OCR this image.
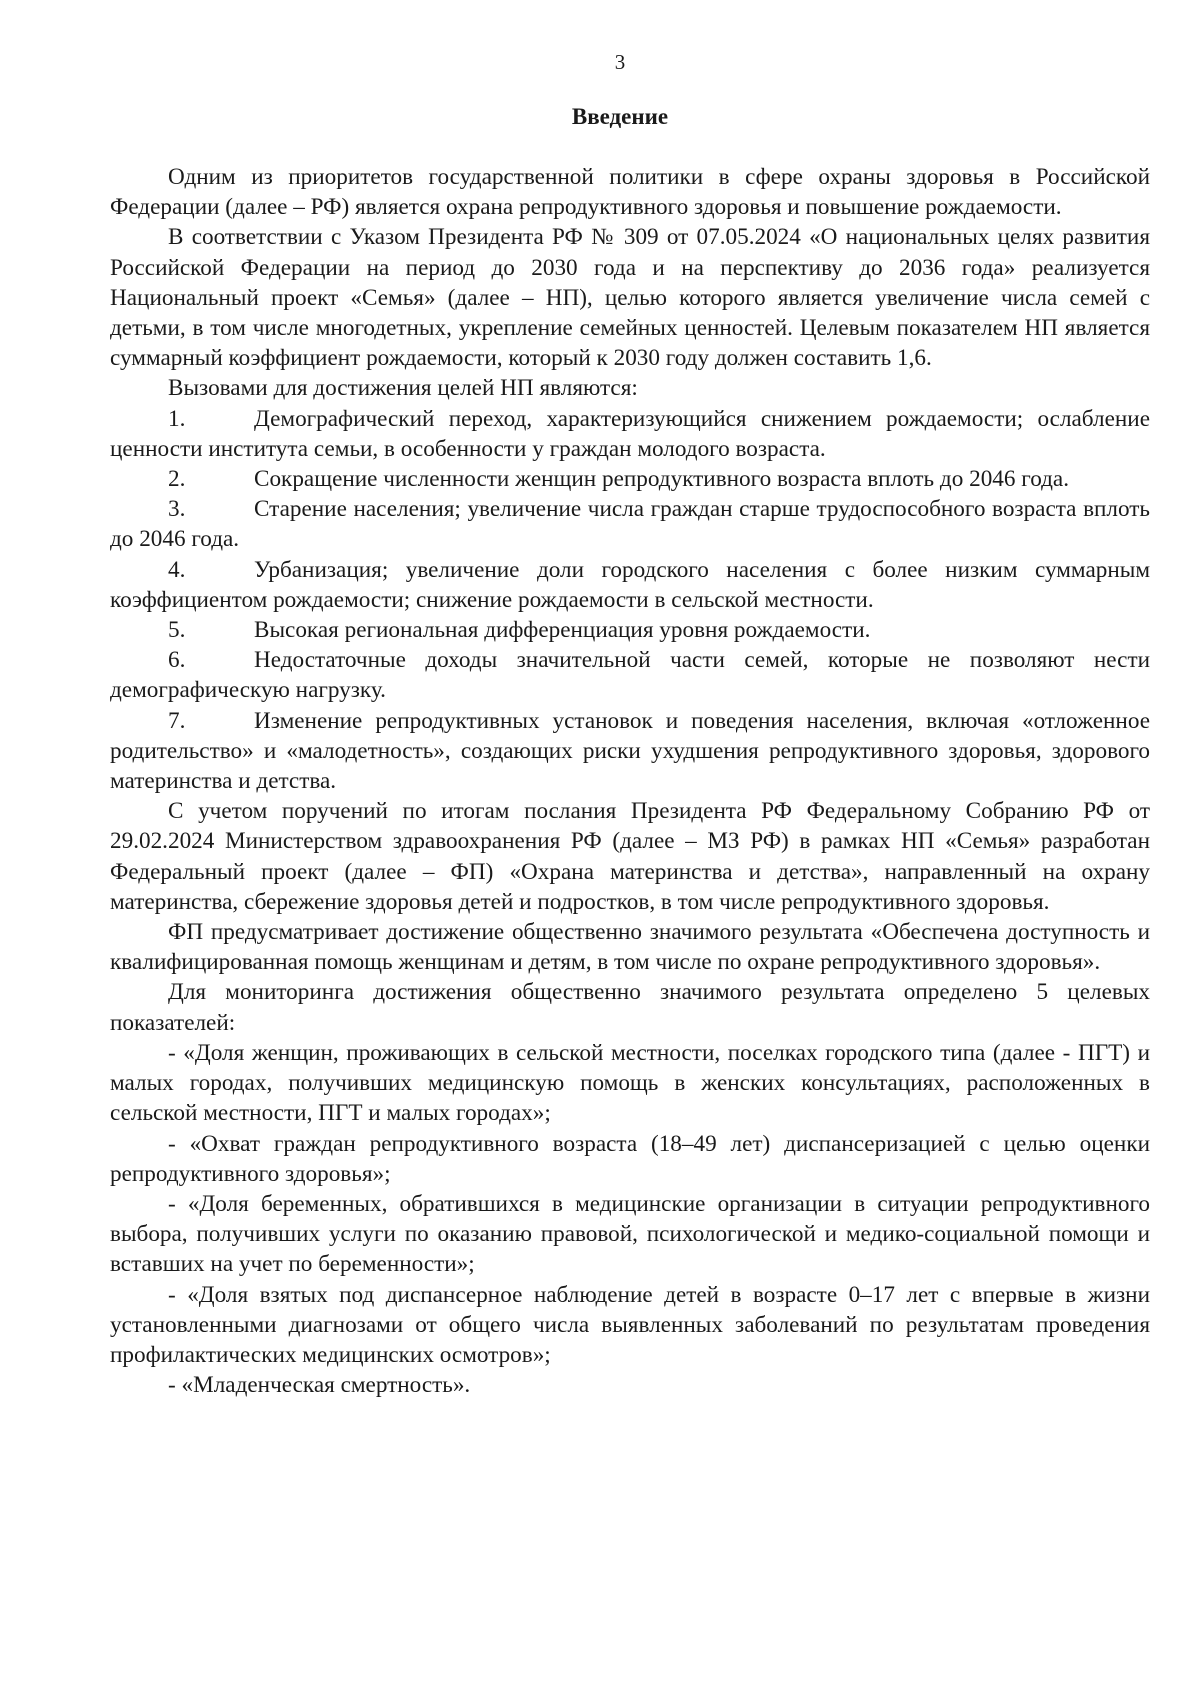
3
Введение

Одним из приоритетов государственной политики в сфере охраны здоровья в Российской Федерации (далее – РФ) является охрана репродуктивного здоровья и повышение рождаемости.

В соответствии с Указом Президента РФ № 309 от 07.05.2024 «О национальных целях развития Российской Федерации на период до 2030 года и на перспективу до 2036 года» реализуется Национальный проект «Семья» (далее – НП), целью которого является увеличение числа семей с детьми, в том числе многодетных, укрепление семейных ценностей. Целевым показателем НП является суммарный коэффициент рождаемости, который к 2030 году должен составить 1,6.

Вызовами для достижения целей НП являются:

1.	Демографический переход, характеризующийся снижением рождаемости; ослабление ценности института семьи, в особенности у граждан молодого возраста.

2.	Сокращение численности женщин репродуктивного возраста вплоть до 2046 года.

3.	Старение населения; увеличение числа граждан старше трудоспособного возраста вплоть до 2046 года.

4.	Урбанизация; увеличение доли городского населения с более низким суммарным коэффициентом рождаемости; снижение рождаемости в сельской местности.

5.	Высокая региональная дифференциация уровня рождаемости.

6.	Недостаточные доходы значительной части семей, которые не позволяют нести демографическую нагрузку.

7.	Изменение репродуктивных установок и поведения населения, включая «отложенное родительство» и «малодетность», создающих риски ухудшения репродуктивного здоровья, здорового материнства и детства.

С учетом поручений по итогам послания Президента РФ Федеральному Собранию РФ от 29.02.2024 Министерством здравоохранения РФ (далее – МЗ РФ) в рамках НП «Семья» разработан Федеральный проект (далее – ФП) «Охрана материнства и детства», направленный на охрану материнства, сбережение здоровья детей и подростков, в том числе репродуктивного здоровья.

ФП предусматривает достижение общественно значимого результата «Обеспечена доступность и квалифицированная помощь женщинам и детям, в том числе по охране репродуктивного здоровья».

Для мониторинга достижения общественно значимого результата определено 5 целевых показателей:

- «Доля женщин, проживающих в сельской местности, поселках городского типа (далее - ПГТ) и малых городах, получивших медицинскую помощь в женских консультациях, расположенных в сельской местности, ПГТ и малых городах»;

- «Охват граждан репродуктивного возраста (18–49 лет) диспансеризацией с целью оценки репродуктивного здоровья»;

- «Доля беременных, обратившихся в медицинские организации в ситуации репродуктивного выбора, получивших услуги по оказанию правовой, психологической и медико-социальной помощи и вставших на учет по беременности»;

- «Доля взятых под диспансерное наблюдение детей в возрасте 0–17 лет с впервые в жизни установленными диагнозами от общего числа выявленных заболеваний по результатам проведения профилактических медицинских осмотров»;

- «Младенческая смертность».
